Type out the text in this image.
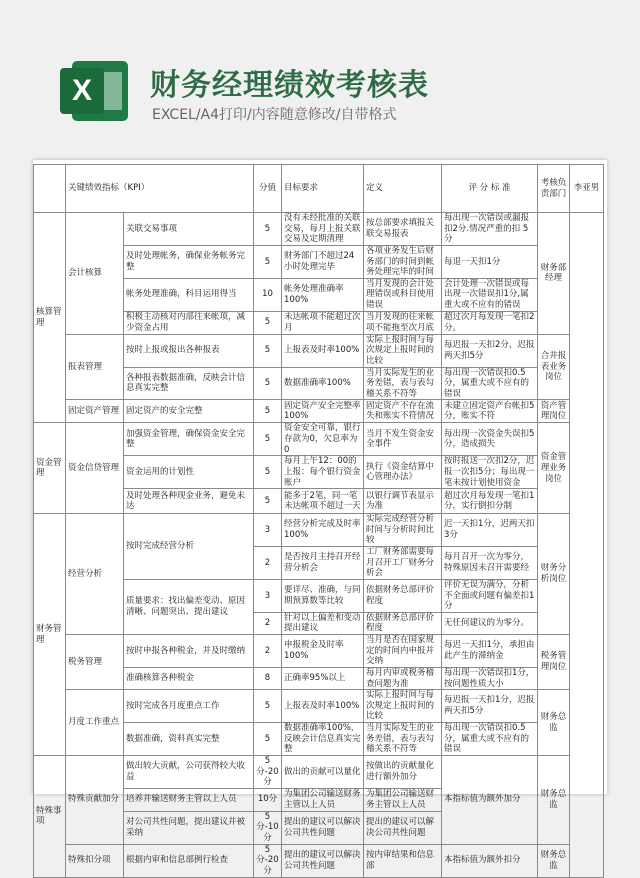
X	财务经理绩效考核表
EXCEL/A4打印/内容随意修改/自带格式
	关键绩效指标（KPI）		分值	目标要求	定义	评 分 标 准	考核负责部门	李亚男
核算管理	会计核算	关联交易事项	5	没有未经批准的关联交易，每月上报关联交易及定期清理	按总部要求填报关联交易报表	每出现一次错误或漏报扣2分.情况严重的扣 5 分	财务部经理	
		及时处理帐务，确保业务帐务完整	5	财务部门不超过24小时处理完毕	各项业务发生后财务部门的时间到帐务处理完毕的时间	每退一天扣1分		
		帐务处理准确，科目运用得当	10	帐务处理准确率100%	当月发现的会计处理错误或科目使用错误	会计处理一次错误或每出现一次错误扣1分,属重大或不应有的错误		
		积极主动核对内部往来帐项，减少资金占用	5	未达帐项不能超过次月	当月发现的往来帐项不能拖至次月底	超过次月每发现一笔扣2分。		
	报表管理	按时上报或报出各种报表	5	上报表及时率100%	实际上报时间与每次规定上报时间的比较	每迟报一天扣2分，迟报两天扣5分	合并报表业务岗位	
		各种报表数据准确，反映会计信息真实完整	5	数据准确率100%	当月实际发生的业务差错，表与表勾稽关系不符等	每出现一次错误扣0.5分，属重大或不应有的错误		
	固定资产管理	固定资产的安全完整	5	固定资产安全完整率100%	固定资产不存在流失和账实不符情况	未建立固定资产台帐扣5分，账实不符	资产管理岗位	
资金管理	资金信贷管理	加强资金管理，确保资金安全完整	5	资金安全可靠，银行存款为0，欠息率为0	当月不发生资金安全事件	每出现一次资金失误扣5分，造成损失	资金管理业务岗位	
		资金运用的计划性	5	每月上午12：00的上报：每个银行资金账户	执行《资金结算中心管理办法》	按时报送一次扣2分，迟报一次扣5分；每出现一笔未按计划使用资金		
		及时处理各种现金业务，避免未达	5	能多于2笔，同一笔未达帐项不超过一天	以银行调节表显示为准	超过次月每发现一笔扣1分，实行倒扣分制		
财务管理	经营分析	按时完成经营分析	3	经营分析完成及时率100%	实际完成经营分析时间与分析时间比较	迟一天扣1分，迟两天扣3分	财务分析岗位	
			2	是否按月主持召开经营分析会	工厂财务部需要每月召开工厂财务分析会	每月召开一次为零分，特殊原因未召开需要经		
		质量要求：找出偏差变动、原因清晰、问题突出、提出建议	3	要详尽、准确，与同期预算数等比较	依据财务总部评价程度	评价无误为满分，分析不全面或问题有偏差扣1分		
			2	针对以上偏差和变动提出建议	依据财务总部评价程度	无任何建议的为零分。		
	税务管理	按时申报各种税金，并及时缴纳	2	申报税金及时率100%	当月是否在国家规定的时间内申报并交纳	每迟一天扣1分，承担由此产生的滞纳金	税务管理岗位	
		准确核算各种税金	8	正确率95%以上	每月内审或税务稽查问题为准	每出现一次错误扣1分，按问题性质大小		
	月度工作重点	按时完成各月度重点工作	5	上报表及时率100%	实际上报时间与每次规定上报时间的比较	每迟报一天扣1分，迟报两天扣5分	财务总监	
		数据准确，资料真实完整	5	数据准确率100%，反映会计信息真实完整	当月实际发生的业务差错，表与表勾稽关系不符等	每出现一次错误扣0.5分，属重大或不应有的错误		
特殊事项	特殊贡献加分	做出较大贡献，公司获得较大收益	5分-20分	做出的贡献可以量化	按做出的贡献量化进行额外加分	本指标值为额外加分	财务总监	
		培养并输送财务主管以上人员	10分	为集团公司输送财务主管以上人员	为集团公司输送财务主管以上人员			
		对公司共性问题，提出建议并被采纳	5分-10分	提出的建议可以解决公司共性问题	提出的建议可以解决公司共性问题			
	特殊扣分项	根据内审和信息部例行检查	5分-20分	提出的建议可以解决公司共性问题	按内审结果和信息部	本指标值为额外扣分	财务总监	
